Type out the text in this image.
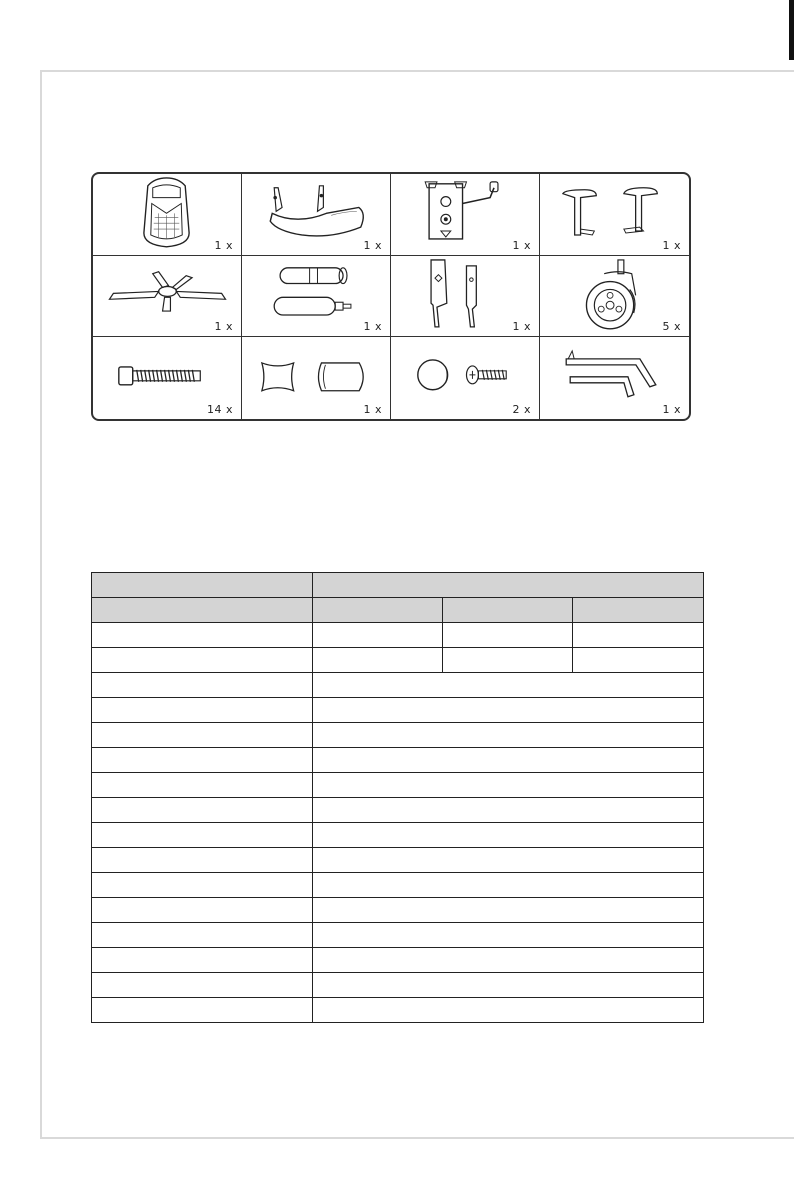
1 x	1 x	1 x	1 x
1 x	1 x	1 x	5 x
14 x	1 x	2 x	1 x
